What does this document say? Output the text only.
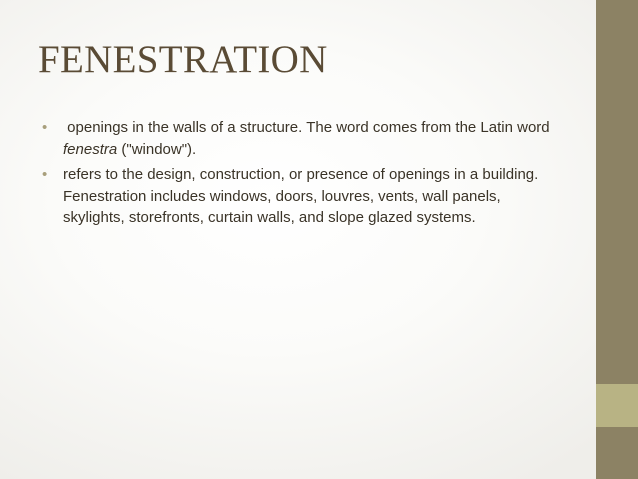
FENESTRATION
• openings in the walls of a structure. The word comes from the Latin word fenestra ("window").
• refers to the design, construction, or presence of openings in a building. Fenestration includes windows, doors, louvres, vents, wall panels, skylights, storefronts, curtain walls, and slope glazed systems.
